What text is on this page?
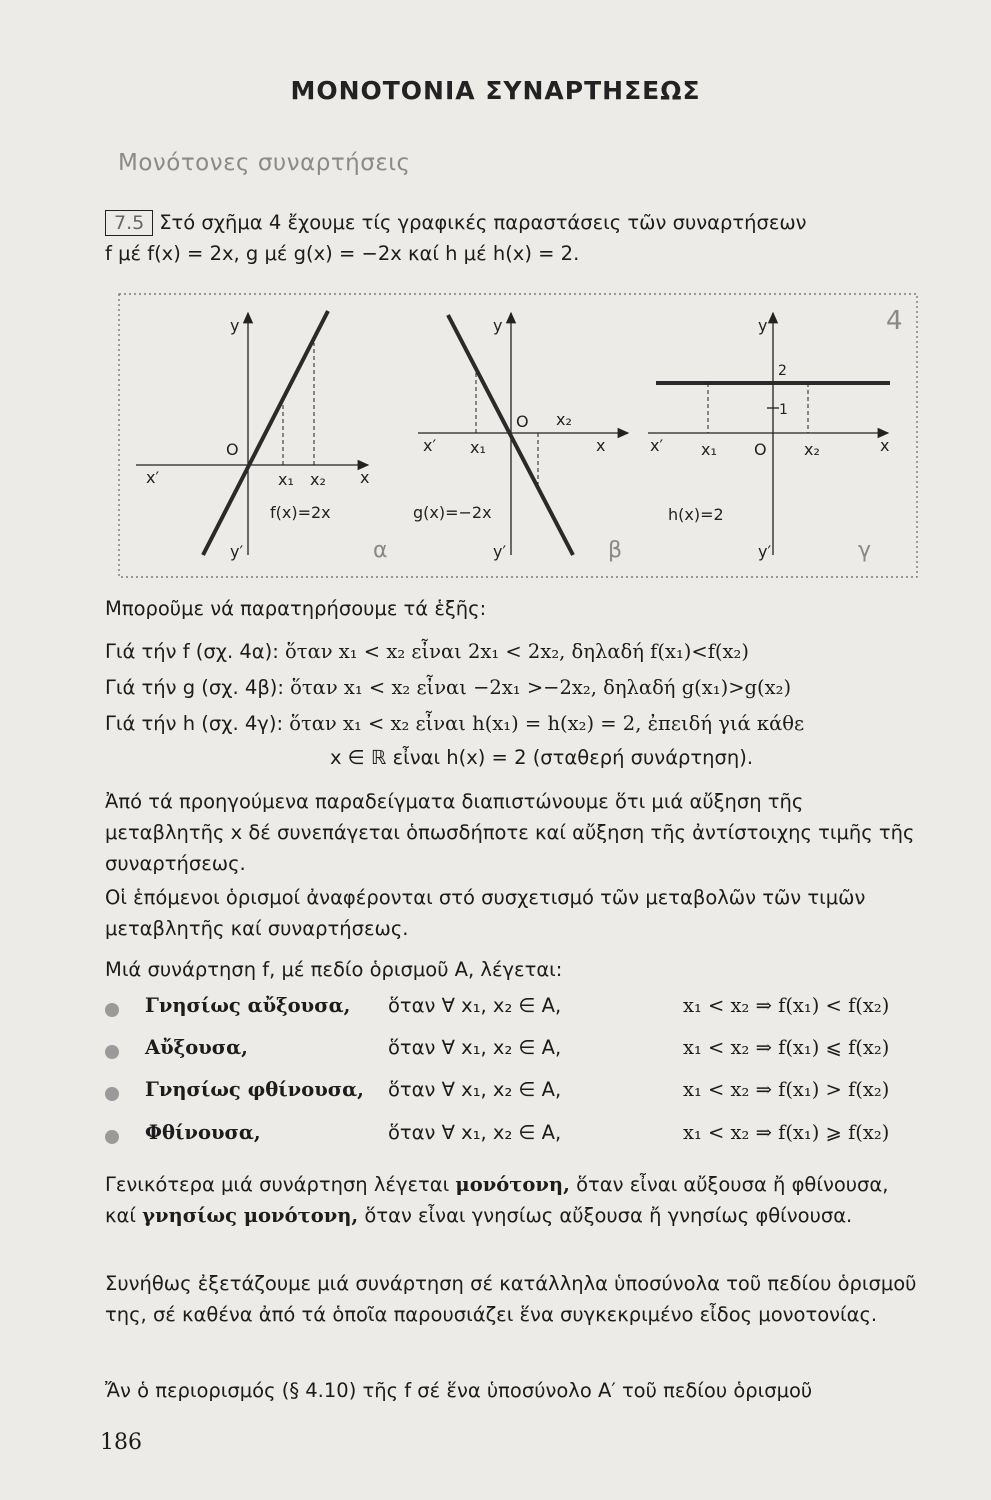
ΜΟΝΟΤΟΝΙΑ ΣΥΝΑΡΤΗΣΕΩΣ
Μονότονες συναρτήσεις
7.5 Στό σχῆμα 4 ἔχουμε τίς γραφικές παραστάσεις τῶν συναρτήσεων
f μέ f(x) = 2x, g μέ g(x) = −2x καί h μέ h(x) = 2.
4
y
y′
x′	x
O
x₁ x₂
f(x)=2x
α
y
y′
x′	x
O
x₁
x₂
g(x)=−2x
β
y
y′
x′	x
O
x₁	x₂
2
1
h(x)=2
γ
Μποροῦμε νά παρατηρήσουμε τά ἑξῆς:
Γιά τήν f (σχ. 4α): ὅταν x₁ < x₂ εἶναι 2x₁ < 2x₂, δηλαδή f(x₁)<f(x₂)
Γιά τήν g (σχ. 4β): ὅταν x₁ < x₂ εἶναι −2x₁ >−2x₂, δηλαδή g(x₁)>g(x₂)
Γιά τήν h (σχ. 4γ): ὅταν x₁ < x₂ εἶναι h(x₁) = h(x₂) = 2, ἐπειδή γιά κάθε
x ∈ ℝ εἶναι h(x) = 2 (σταθερή συνάρτηση).
Ἀπό τά προηγούμενα παραδείγματα διαπιστώνουμε ὅτι μιά αὔξηση τῆς μεταβλητῆς x δέ συνεπάγεται ὁπωσδήποτε καί αὔξηση τῆς ἀντίστοιχης τιμῆς τῆς συναρτήσεως.
Οἱ ἑπόμενοι ὁρισμοί ἀναφέρονται στό συσχετισμό τῶν μεταβολῶν τῶν τιμῶν μεταβλητῆς καί συναρτήσεως.
Μιά συνάρτηση f, μέ πεδίο ὁρισμοῦ A, λέγεται:
Γνησίως αὔξουσα, ὅταν ∀ x₁, x₂ ∈ A,	x₁ < x₂ ⇒ f(x₁) < f(x₂)
Αὔξουσα,	ὅταν ∀ x₁, x₂ ∈ A,	x₁ < x₂ ⇒ f(x₁) ⩽ f(x₂)
Γνησίως φθίνουσα, ὅταν ∀ x₁, x₂ ∈ A,	x₁ < x₂ ⇒ f(x₁) > f(x₂)
Φθίνουσα,	ὅταν ∀ x₁, x₂ ∈ A,	x₁ < x₂ ⇒ f(x₁) ⩾ f(x₂)
Γενικότερα μιά συνάρτηση λέγεται μονότονη, ὅταν εἶναι αὔξουσα ἤ φθίνουσα, καί γνησίως μονότονη, ὅταν εἶναι γνησίως αὔξουσα ἤ γνησίως φθίνουσα.
Συνήθως ἐξετάζουμε μιά συνάρτηση σέ κατάλληλα ὑποσύνολα τοῦ πεδίου ὁρισμοῦ της, σέ καθένα ἀπό τά ὁποῖα παρουσιάζει ἕνα συγκεκριμένο εἶδος μονοτονίας.
Ἄν ὁ περιορισμός (§ 4.10) τῆς f σέ ἕνα ὑποσύνολο A′ τοῦ πεδίου ὁρισμοῦ
186
